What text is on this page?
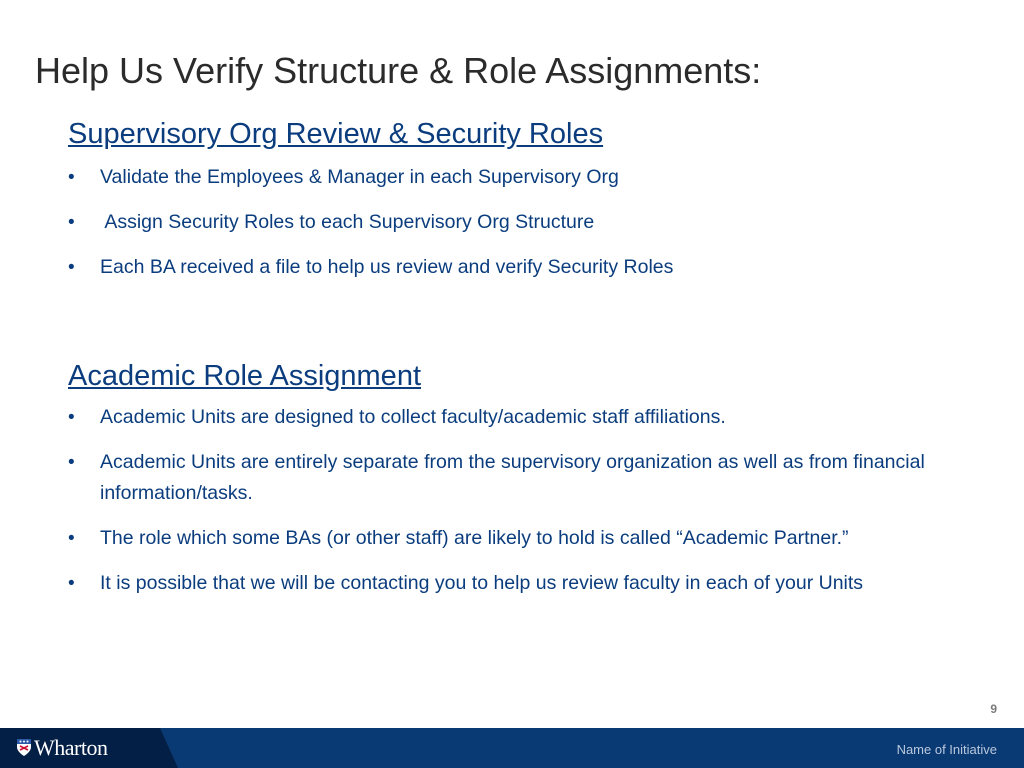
Help Us Verify Structure & Role Assignments:
Supervisory Org Review & Security Roles
• Validate the Employees & Manager in each Supervisory Org
• Assign Security Roles to each Supervisory Org Structure
• Each BA received a file to help us review and verify Security Roles
Academic Role Assignment
• Academic Units are designed to collect faculty/academic staff affiliations.
• Academic Units are entirely separate from the supervisory organization as well as from financial information/tasks.
• The role which some BAs (or other staff) are likely to hold is called “Academic Partner.”
• It is possible that we will be contacting you to help us review faculty in each of your Units
9
Wharton	Name of Initiative
